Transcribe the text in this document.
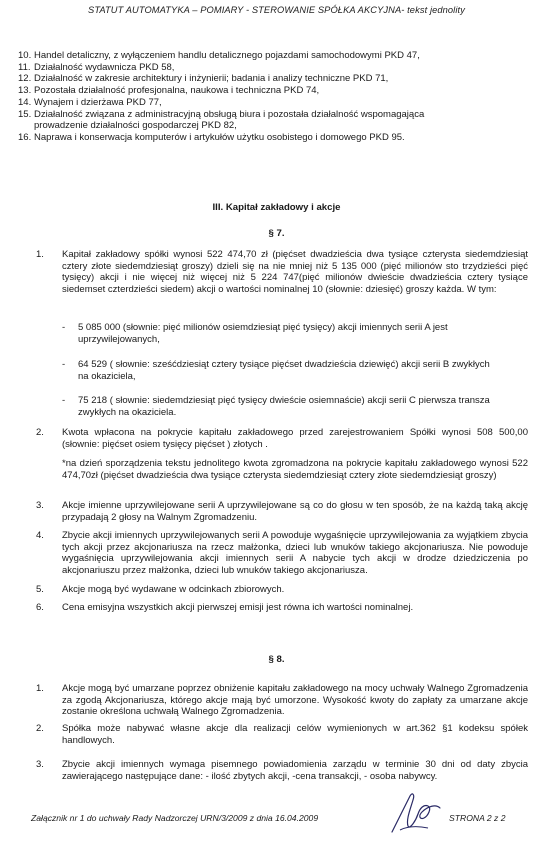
STATUT AUTOMATYKA – POMIARY - STEROWANIE SPÓŁKA AKCYJNA- tekst jednolity
10. Handel detaliczny, z wyłączeniem handlu detalicznego pojazdami samochodowymi PKD 47,
11. Działalność wydawnicza PKD 58,
12. Działalność w zakresie architektury i inżynierii; badania i analizy techniczne PKD 71,
13. Pozostała działalność profesjonalna, naukowa i techniczna PKD 74,
14. Wynajem i dzierżawa PKD 77,
15. Działalność związana z administracyjną obsługą biura i pozostała działalność wspomagająca
prowadzenie działalności gospodarczej PKD 82,
16. Naprawa i konserwacja komputerów i artykułów użytku osobistego i domowego PKD 95.
III. Kapitał zakładowy i akcje
§ 7.
1. Kapitał zakładowy spółki wynosi 522 474,70 zł (pięćset dwadzieścia dwa tysiące czterysta siedemdziesiąt cztery złote siedemdziesiąt groszy) dzieli się na nie mniej niż 5 135 000 (pięć milionów sto trzydzieści pięć tysięcy) akcji i nie więcej niż więcej niż 5 224 747(pięć milionów dwieście dwadzieścia cztery tysiące siedemset czterdzieści siedem) akcji o wartości nominalnej 10 (słownie: dziesięć) groszy każda. W tym:
- 5 085 000 (słownie: pięć milionów osiemdziesiąt pięć tysięcy) akcji imiennych serii A jest uprzywilejowanych,
- 64 529 ( słownie: sześćdziesiąt cztery tysiące pięćset dwadzieścia dziewięć) akcji serii B zwykłych na okaziciela,
- 75 218 ( słownie: siedemdziesiąt pięć tysięcy dwieście osiemnaście) akcji serii C pierwsza transza zwykłych na okaziciela.
2. Kwota wpłacona na pokrycie kapitału zakładowego przed zarejestrowaniem Spółki wynosi 508 500,00 (słownie: pięćset osiem tysięcy pięćset ) złotych .
*na dzień sporządzenia tekstu jednolitego kwota zgromadzona na pokrycie kapitału zakładowego wynosi 522 474,70zł (pięćset dwadzieścia dwa tysiące czterysta siedemdziesiąt cztery złote siedemdziesiąt groszy)
3. Akcje imienne uprzywilejowane serii A uprzywilejowane są co do głosu w ten sposób, że na każdą taką akcję przypadają 2 głosy na Walnym Zgromadzeniu.
4. Zbycie akcji imiennych uprzywilejowanych serii A powoduje wygaśnięcie uprzywilejowania za wyjątkiem zbycia tych akcji przez akcjonariusza na rzecz małżonka, dzieci lub wnuków takiego akcjonariusza. Nie powoduje wygaśnięcia uprzywilejowania akcji imiennych serii A nabycie tych akcji w drodze dziedziczenia po akcjonariuszu przez małżonka, dzieci lub wnuków takiego akcjonariusza.
5. Akcje mogą być wydawane w odcinkach zbiorowych.
6. Cena emisyjna wszystkich akcji pierwszej emisji jest równa ich wartości nominalnej.
§ 8.
1. Akcje mogą być umarzane poprzez obniżenie kapitału zakładowego na mocy uchwały Walnego Zgromadzenia za zgodą Akcjonariusza, którego akcje mają być umorzone. Wysokość kwoty do zapłaty za umarzane akcje zostanie określona uchwałą Walnego Zgromadzenia.
2. Spółka może nabywać własne akcje dla realizacji celów wymienionych w art.362 §1 kodeksu spółek handlowych.
3. Zbycie akcji imiennych wymaga pisemnego powiadomienia zarządu w terminie 30 dni od daty zbycia zawierającego następujące dane: - ilość zbytych akcji, -cena transakcji, - osoba nabywcy.
Załącznik nr 1 do uchwały Rady Nadzorczej URN/3/2009 z dnia 16.04.2009	STRONA 2 z 2
